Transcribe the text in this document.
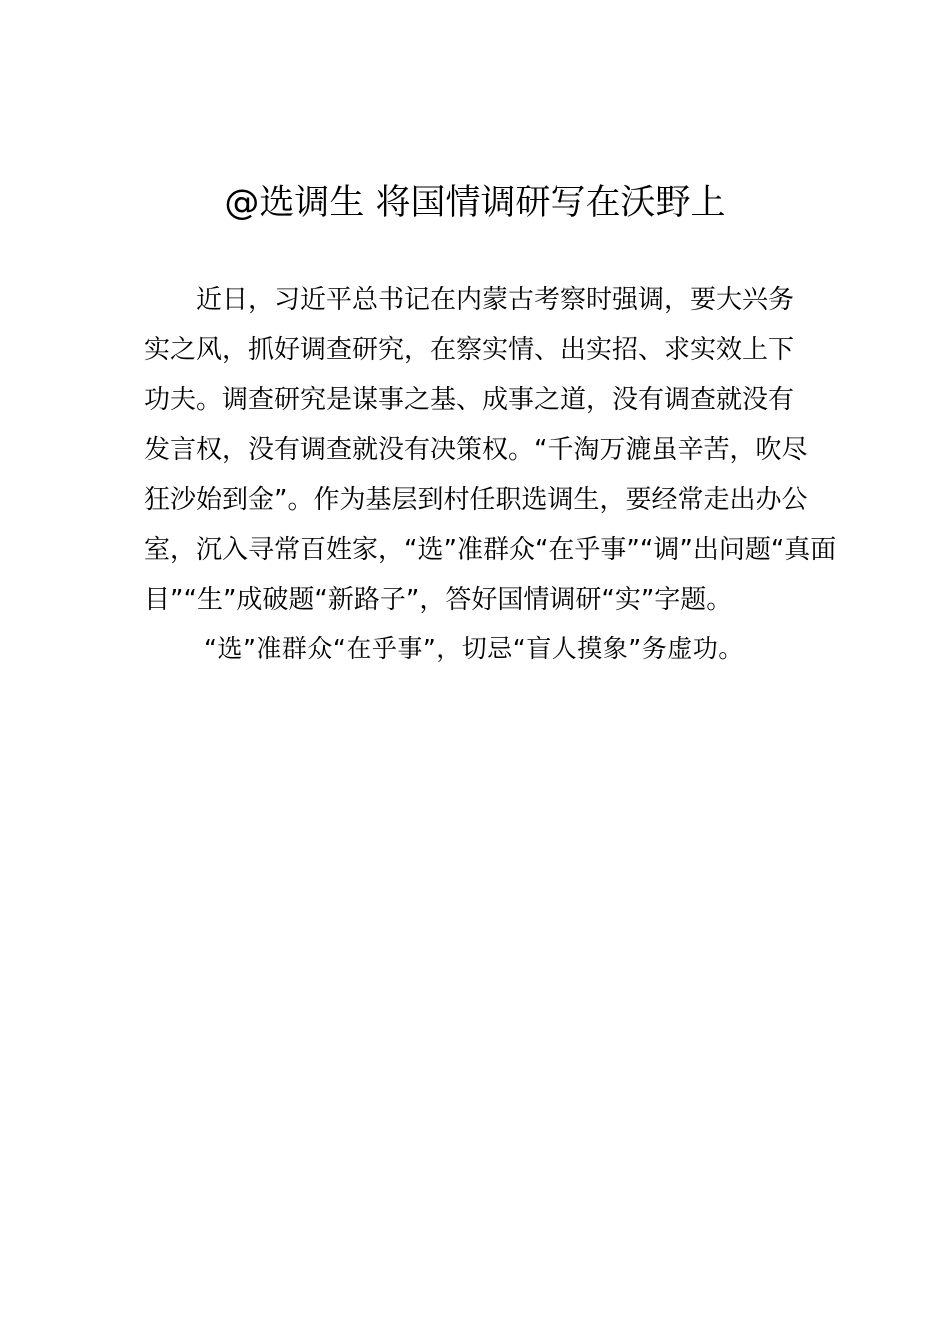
@选调生 将国情调研写在沃野上
近日，习近平总书记在内蒙古考察时强调，要大兴务
实之风，抓好调查研究，在察实情、出实招、求实效上下
功夫。调查研究是谋事之基、成事之道，没有调查就没有
发言权，没有调查就没有决策权。“千淘万漉虽辛苦，吹尽
狂沙始到金”。作为基层到村任职选调生，要经常走出办公
室，沉入寻常百姓家，“选”准群众“在乎事”“调”出问题“真面
目”“生”成破题“新路子”，答好国情调研“实”字题。
“选”准群众“在乎事”，切忌“盲人摸象”务虚功。
